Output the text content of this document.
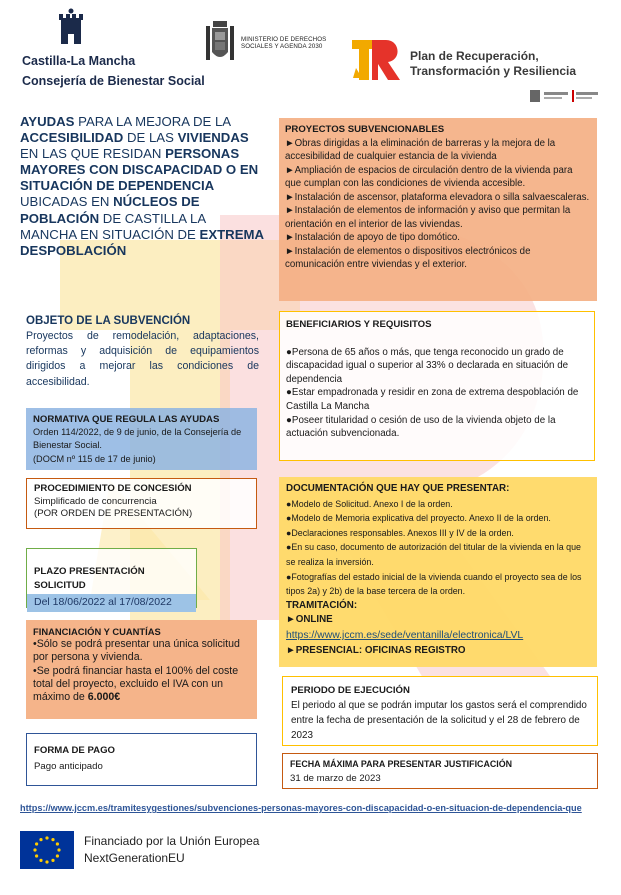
Castilla-La Mancha
Consejería de Bienestar Social
MINISTERIO DE DERECHOS SOCIALES Y AGENDA 2030
Plan de Recuperación,
Transformación y Resiliencia
AYUDAS PARA LA MEJORA DE LA ACCESIBILIDAD DE LAS VIVIENDAS EN LAS QUE RESIDAN PERSONAS MAYORES CON DISCAPACIDAD O EN SITUACIÓN DE DEPENDENCIA UBICADAS EN NÚCLEOS DE POBLACIÓN DE CASTILLA LA MANCHA EN SITUACIÓN DE EXTREMA DESPOBLACIÓN
OBJETO DE LA SUBVENCIÓN
Proyectos de remodelación, adaptaciones, reformas y adquisición de equipamientos dirigidos a mejorar las condiciones de accesibilidad.
NORMATIVA QUE REGULA LAS AYUDAS
Orden 114/2022, de 9 de junio, de la Consejería de Bienestar Social.
(DOCM nº 115 de 17 de junio)
PROCEDIMIENTO DE CONCESIÓN
Simplificado de concurrencia
(POR ORDEN DE PRESENTACIÓN)
PLAZO PRESENTACIÓN SOLICITUD
Del 18/06/2022 al 17/08/2022
FINANCIACIÓN Y CUANTÍAS

•Sólo se podrá presentar una única solicitud por persona y vivienda.

•Se podrá financiar hasta el 100% del coste total del proyecto, excluido el IVA con un máximo de 6.000€

FORMA DE PAGO
Pago anticipado
PROYECTOS SUBVENCIONABLES

►Obras dirigidas a la eliminación de barreras y la mejora de la accesibilidad de cualquier estancia de la vivienda

►Ampliación de espacios de circulación dentro de la vivienda para que cumplan con las condiciones de vivienda accesible.

►Instalación de ascensor, plataforma elevadora o silla salvaescaleras.

►Instalación de elementos de información y aviso que permitan la orientación en el interior de las viviendas.

►Instalación de apoyo de tipo domótico.

►Instalación de elementos o dispositivos electrónicos de comunicación entre viviendas y el exterior.

BENEFICIARIOS Y REQUISITOS

●Persona de 65 años o más, que tenga reconocido un grado de discapacidad igual o superior al 33% o declarada en situación de dependencia

●Estar empadronada y residir en zona de extrema despoblación de Castilla La Mancha

●Poseer titularidad o cesión de uso de la vivienda objeto de la actuación subvencionada.

DOCUMENTACIÓN QUE HAY QUE PRESENTAR:

●Modelo de Solicitud. Anexo I de la orden.

●Modelo de Memoria explicativa del proyecto. Anexo II de la orden.

●Declaraciones responsables. Anexos III y IV de la orden.

●En su caso, documento de autorización del titular de la vivienda en la que se realiza la inversión.

●Fotografías del estado inicial de la vivienda cuando el proyecto sea de los tipos 2a) y 2b) de la base tercera de la orden.

TRAMITACIÓN:
►ONLINE
https://www.jccm.es/sede/ventanilla/electronica/LVL
►PRESENCIAL: OFICINAS REGISTRO
PERIODO DE EJECUCIÓN
El periodo al que se podrán imputar los gastos será el comprendido entre la fecha de presentación de la solicitud y el 28 de febrero de 2023
FECHA MÁXIMA PARA PRESENTAR JUSTIFICACIÓN
31 de marzo de 2023
https://www.jccm.es/tramitesygestiones/subvenciones-personas-mayores-con-discapacidad-o-en-situacion-de-dependencia-que
Financiado por la Unión Europea
NextGenerationEU
